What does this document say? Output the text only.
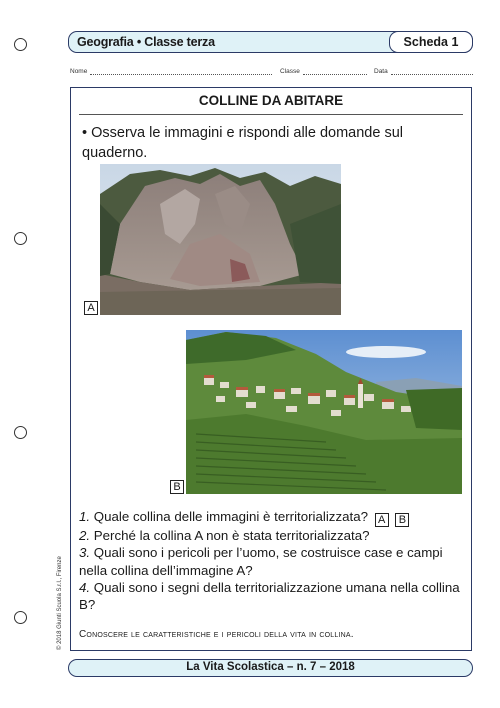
Geografia • Classe terza	Scheda 1
Nome	Classe	Data
COLLINE DA ABITARE
• Osserva le immagini e rispondi alle domande sul quaderno.
A
B

1. Quale collina delle immagini è territorializzata? A B

2. Perché la collina A non è stata territorializzata?

3. Quali sono i pericoli per l’uomo, se costruisce case e campi nella collina dell’immagine A?

4. Quali sono i segni della territorializzazione umana nella collina B?

Conoscere le caratteristiche e i pericoli della vita in collina.
© 2018 Giunti Scuola S.r.l., Firenze
La Vita Scolastica – n. 7 – 2018
